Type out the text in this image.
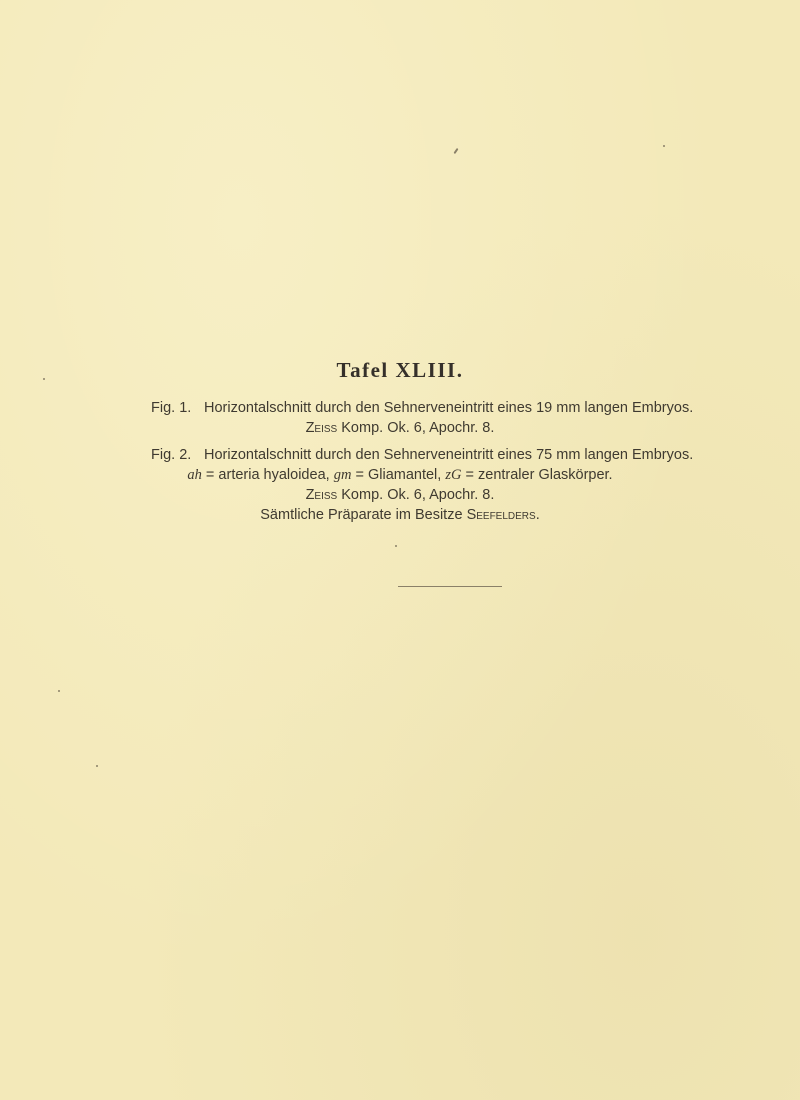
Tafel XLIII.
Fig. 1. Horizontalschnitt durch den Sehnerveneintritt eines 19 mm langen Embryos.
Zeiss Komp. Ok. 6, Apochr. 8.
Fig. 2. Horizontalschnitt durch den Sehnerveneintritt eines 75 mm langen Embryos.
ah = arteria hyaloidea, gm = Gliamantel, zG = zentraler Glaskörper.
Zeiss Komp. Ok. 6, Apochr. 8.
Sämtliche Präparate im Besitze Seefelders.
